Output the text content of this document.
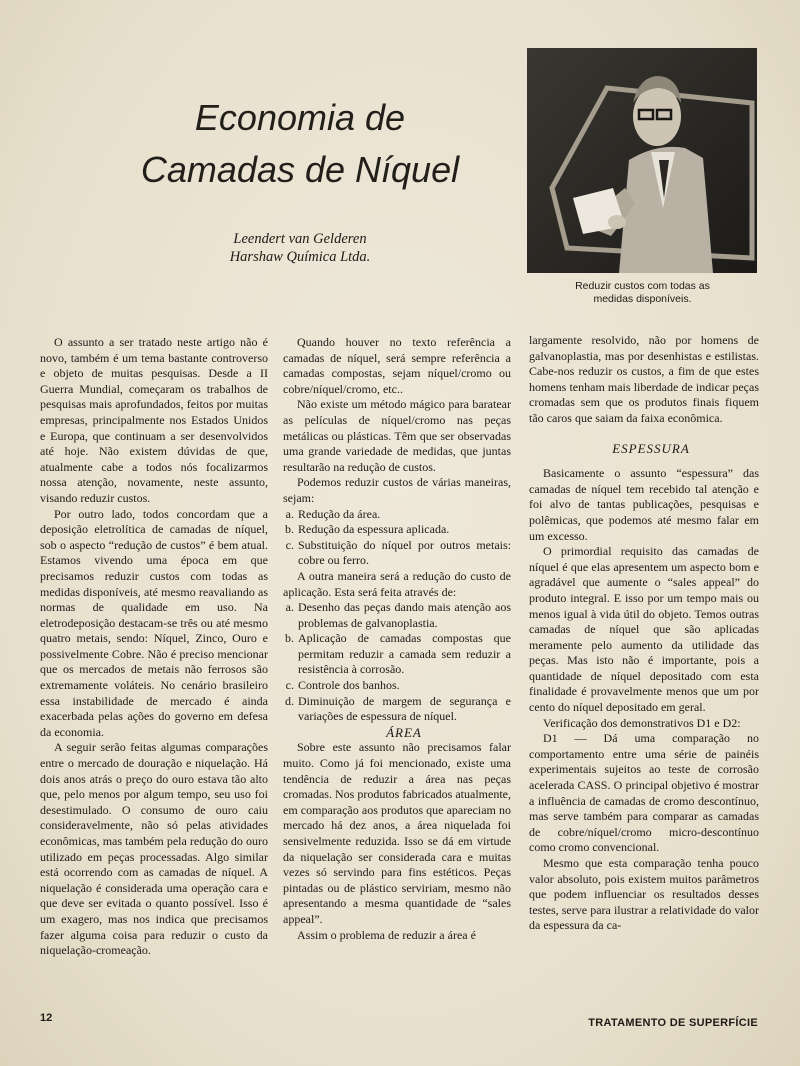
Economia de
Camadas de Níquel
Leendert van Gelderen
Harshaw Química Ltda.
Reduzir custos com todas as
medidas disponíveis.

O assunto a ser tratado neste artigo não é novo, também é um tema bastante controverso e objeto de muitas pesquisas. Desde a II Guerra Mundial, começaram os trabalhos de pesquisas mais aprofundados, feitos por muitas empresas, principalmente nos Estados Unidos e Europa, que continuam a ser desenvolvidos até hoje. Não existem dúvidas de que, atualmente cabe a todos nós focalizarmos nossa atenção, novamente, neste assunto, visando reduzir custos.

Por outro lado, todos concordam que a deposição eletrolítica de camadas de níquel, sob o aspecto “redução de custos” é bem atual. Estamos vivendo uma época em que precisamos reduzir custos com todas as medidas disponíveis, até mesmo reavaliando as normas de qualidade em uso. Na eletrodeposição destacam-se três ou até mesmo quatro metais, sendo: Níquel, Zinco, Ouro e possivelmente Cobre. Não é preciso mencionar que os mercados de metais não ferrosos são extremamente voláteis. No cenário brasileiro essa instabilidade de mercado é ainda exacerbada pelas ações do governo em defesa da economia.

A seguir serão feitas algumas comparações entre o mercado de douração e niquelação. Há dois anos atrás o preço do ouro estava tão alto que, pelo menos por algum tempo, seu uso foi desestimulado. O consumo de ouro caiu consideravelmente, não só pelas atividades econômicas, mas também pela redução do ouro utilizado em peças processadas. Algo similar está ocorrendo com as camadas de níquel. A niquelação é considerada uma operação cara e que deve ser evitada o quanto possível. Isso é um exagero, mas nos indica que precisamos fazer alguma coisa para reduzir o custo da niquelação-cromeação.

Quando houver no texto referência a camadas de níquel, será sempre referência a camadas compostas, sejam níquel/cromo ou cobre/níquel/cromo, etc..

Não existe um método mágico para baratear as películas de níquel/cromo nas peças metálicas ou plásticas. Têm que ser observadas uma grande variedade de medidas, que juntas resultarão na redução de custos.

Podemos reduzir custos de várias maneiras, sejam:

a. Redução da área.
b. Redução da espessura aplicada.
c. Substituição do níquel por outros metais: cobre ou ferro.

A outra maneira será a redução do custo de aplicação. Esta será feita através de:

a. Desenho das peças dando mais atenção aos problemas de galvanoplastia.
b. Aplicação de camadas compostas que permitam reduzir a camada sem reduzir a resistência à corrosão.
c. Controle dos banhos.
d. Diminuição de margem de segurança e variações de espessura de níquel.

ÁREA

Sobre este assunto não precisamos falar muito. Como já foi mencionado, existe uma tendência de reduzir a área nas peças cromadas. Nos produtos fabricados atualmente, em comparação aos produtos que apareciam no mercado há dez anos, a área niquelada foi sensivelmente reduzida. Isso se dá em virtude da niquelação ser considerada cara e muitas vezes só servindo para fins estéticos. Peças pintadas ou de plástico serviriam, mesmo não apresentando a mesma quantidade de “sales appeal”.

Assim o problema de reduzir a área é

largamente resolvido, não por homens de galvanoplastia, mas por desenhistas e estilistas. Cabe-nos reduzir os custos, a fim de que estes homens tenham mais liberdade de indicar peças cromadas sem que os produtos finais fiquem tão caros que saiam da faixa econômica.

ESPESSURA

Basicamente o assunto “espessura” das camadas de níquel tem recebido tal atenção e foi alvo de tantas publicações, pesquisas e polêmicas, que podemos até mesmo falar em um excesso.

O primordial requisito das camadas de níquel é que elas apresentem um aspecto bom e agradável que aumente o “sales appeal” do produto integral. E isso por um tempo mais ou menos igual à vida útil do objeto. Temos outras camadas de níquel que são aplicadas meramente pelo aumento da utilidade das peças. Mas isto não é importante, pois a quantidade de níquel depositado com esta finalidade é provavelmente menos que um por cento do níquel depositado em geral.

Verificação dos demonstrativos D1 e D2:

D1 — Dá uma comparação no comportamento entre uma série de painéis experimentais sujeitos ao teste de corrosão acelerada CASS. O principal objetivo é mostrar a influência de camadas de cromo descontínuo, mas serve também para comparar as camadas de cobre/níquel/cromo micro-descontínuo como cromo convencional.

Mesmo que esta comparação tenha pouco valor absoluto, pois existem muitos parâmetros que podem influenciar os resultados desses testes, serve para ilustrar a relatividade do valor da espessura da ca-

12	TRATAMENTO DE SUPERFÍCIE
